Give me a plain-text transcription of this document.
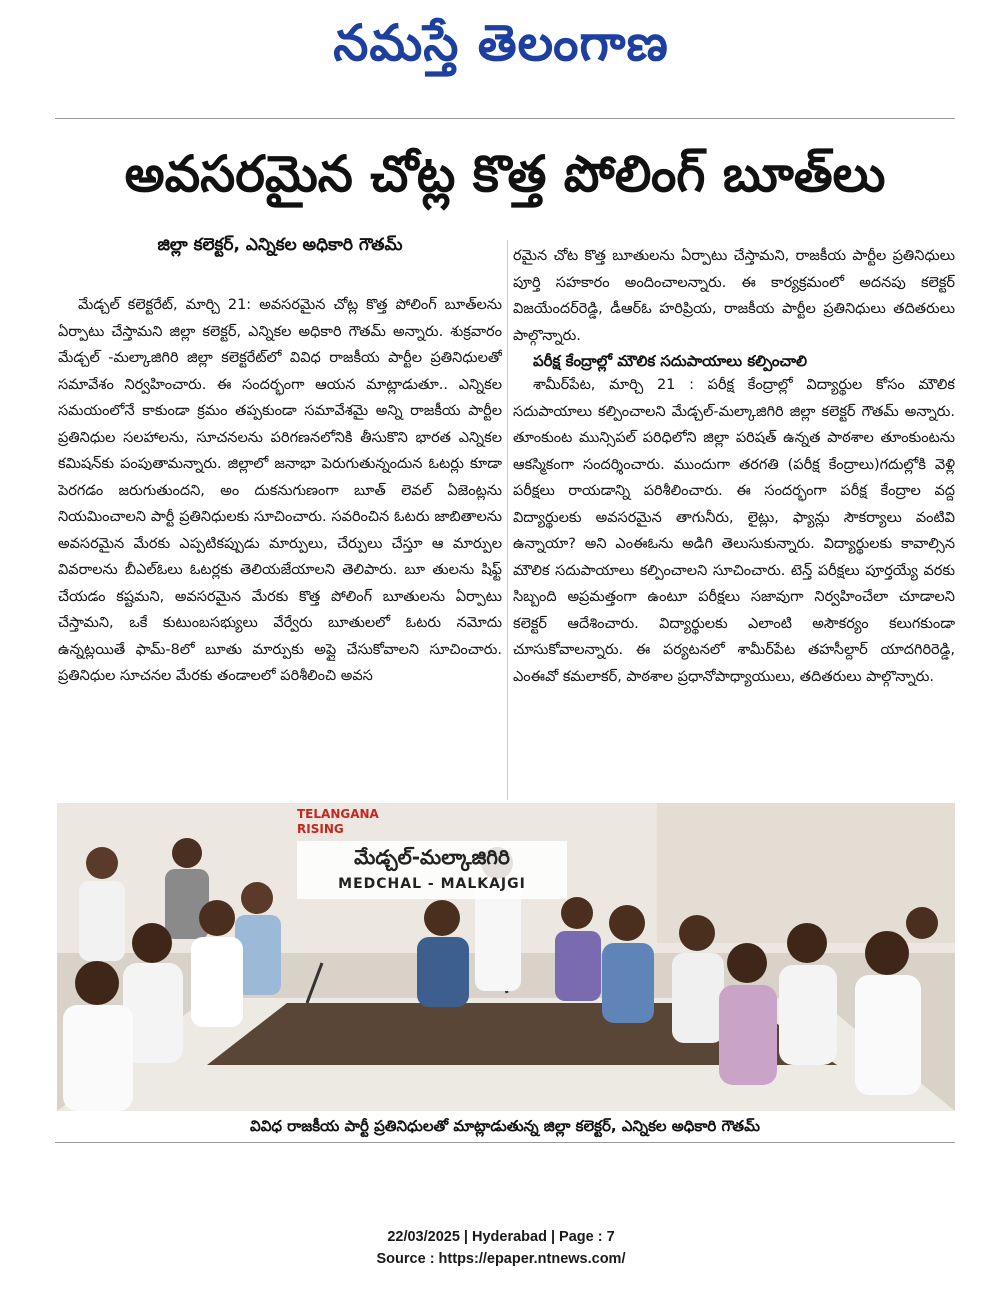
నమస్తే తెలంగాణ
అవసరమైన చోట్ల కొత్త పోలింగ్ బూత్‌లు
జిల్లా కలెక్టర్, ఎన్నికల అధికారి గౌతమ్

మేడ్చల్ కలెక్టరేట్, మార్చి 21: అవసరమైన చోట్ల కొత్త పోలింగ్ బూత్‌లను ఏర్పాటు చేస్తామని జిల్లా కలెక్టర్, ఎన్నికల అధికారి గౌతమ్ అన్నారు. శుక్రవారం మేడ్చల్ -మల్కాజిగిరి జిల్లా కలెక్టరేట్‌లో వివిధ రాజకీయ పార్టీల ప్రతినిధులతో సమావేశం నిర్వహించారు. ఈ సందర్భంగా ఆయన మాట్లాడుతూ.. ఎన్నికల సమయంలోనే కాకుండా క్రమం తప్పకుండా సమావేశమై అన్ని రాజకీయ పార్టీల ప్రతినిధుల సలహాలను, సూచనలను పరిగణనలోనికి తీసుకొని భారత ఎన్నికల కమిషన్‌కు పంపుతామన్నారు. జిల్లాలో జనాభా పెరుగుతున్నందున ఓటర్లు కూడా పెరగడం జరుగుతుందని, అం దుకనుగుణంగా బూత్ లెవల్ ఏజెంట్లను నియమించాలని పార్టీ ప్రతినిధులకు సూచించారు. సవరించిన ఓటరు జాబితాలను అవసరమైన మేరకు ఎప్పటికప్పుడు మార్పులు, చేర్పులు చేస్తూ ఆ మార్పుల వివరాలను బీఎల్‌ఓలు ఓటర్లకు తెలియజేయాలని తెలిపారు. బూ తులను షిఫ్ట్ చేయడం కష్టమని, అవసరమైన మేరకు కొత్త పోలింగ్ బూతులను ఏర్పాటు చేస్తామని, ఒకే కుటుంబసభ్యులు వేర్వేరు బూతులలో ఓటరు నమోదు ఉన్నట్లయితే ఫామ్-8లో బూతు మార్పుకు అప్లై చేసుకోవాలని సూచించారు. ప్రతినిధుల సూచనల మేరకు తండాలలో పరిశీలించి అవస

రమైన చోట కొత్త బూతులను ఏర్పాటు చేస్తామని, రాజకీయ పార్టీల ప్రతినిధులు పూర్తి సహకారం అందించాలన్నారు. ఈ కార్యక్రమంలో అదనపు కలెక్టర్ విజయేందర్‌రెడ్డి, డీఆర్‌ఓ హరిప్రియ, రాజకీయ పార్టీల ప్రతినిధులు తదితరులు పాల్గొన్నారు.

పరీక్ష కేంద్రాల్లో మౌలిక సదుపాయాలు కల్పించాలి

శామీర్‌పేట, మార్చి 21 : పరీక్ష కేంద్రాల్లో విద్యార్థుల కోసం మౌలిక సదుపాయాలు కల్పించాలని మేడ్చల్-మల్కాజిగిరి జిల్లా కలెక్టర్ గౌతమ్ అన్నారు. తూంకుంట మున్సిపల్ పరిధిలోని జిల్లా పరిషత్ ఉన్నత పాఠశాల తూంకుంటను ఆకస్మికంగా సందర్శించారు. ముందుగా తరగతి (పరీక్ష కేంద్రాలు)గదుల్లోకి వెళ్లి పరీక్షలు రాయడాన్ని పరిశీలించారు. ఈ సందర్భంగా పరీక్ష కేంద్రాల వద్ద విద్యార్థులకు అవసరమైన తాగునీరు, లైట్లు, ఫ్యాన్లు సౌకర్యాలు వంటివి ఉన్నాయా? అని ఎంఈఓను అడిగి తెలుసుకున్నారు. విద్యార్థులకు కావాల్సిన మౌలిక సదుపాయాలు కల్పించాలని సూచించారు. టెన్త్ పరీక్షలు పూర్తయ్యే వరకు సిబ్బంది అప్రమత్తంగా ఉంటూ పరీక్షలు సజావుగా నిర్వహించేలా చూడాలని కలెక్టర్ ఆదేశించారు. విద్యార్థులకు ఎలాంటి అసౌకర్యం కలుగకుండా చూసుకోవాలన్నారు. ఈ పర్యటనలో శామీర్‌పేట తహసీల్దార్ యాదగిరిరెడ్డి, ఎంఈవో కమలాకర్, పాఠశాల ప్రధానోపాధ్యాయులు, తదితరులు పాల్గొన్నారు.

TELANGANA
RISING
మేడ్చల్-మల్కాజిగిరి
MEDCHAL - MALKAJGI
వివిధ రాజకీయ పార్టీ ప్రతినిధులతో మాట్లాడుతున్న జిల్లా కలెక్టర్, ఎన్నికల అధికారి గౌతమ్
22/03/2025 | Hyderabad | Page : 7
Source : https://epaper.ntnews.com/
